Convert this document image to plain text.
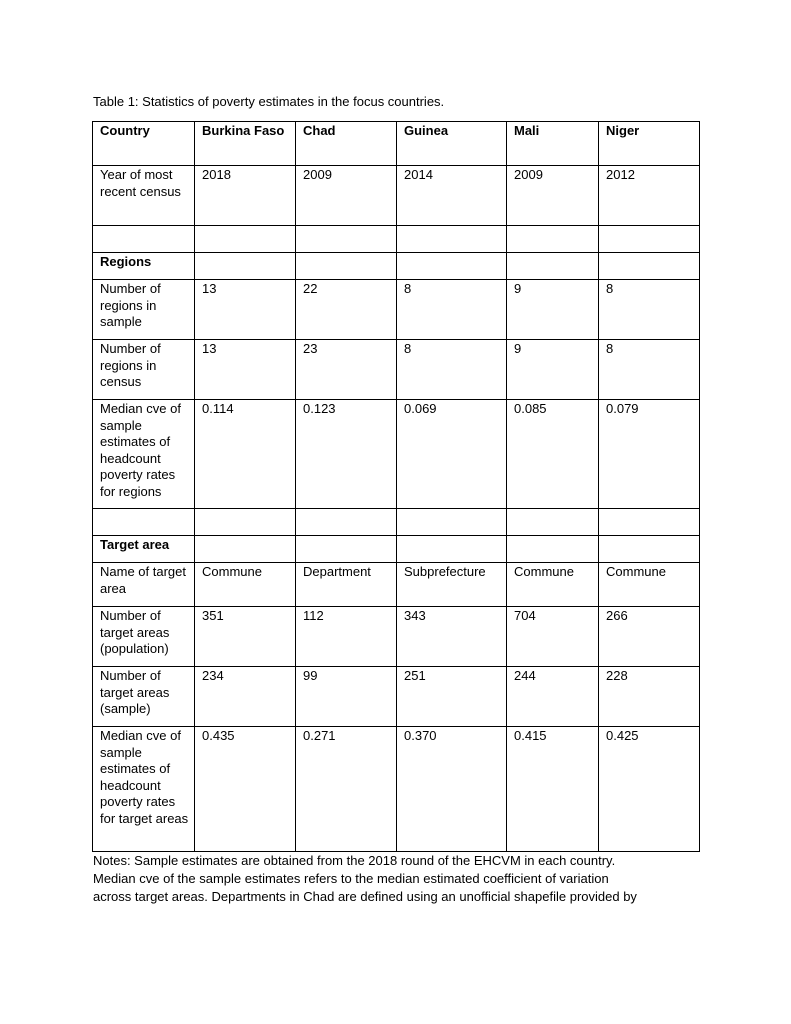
Table 1: Statistics of poverty estimates in the focus countries.
Country	Burkina Faso	Chad	Guinea	Mali	Niger
Year of most recent census	2018	2009	2014	2009	2012

Regions					
Number of regions in sample	13	22	8	9	8
Number of regions in census	13	23	8	9	8
Median cve of sample estimates of headcount poverty rates for regions	0.114	0.123	0.069	0.085	0.079

Target area					
Name of target area	Commune	Department	Subprefecture	Commune	Commune
Number of target areas (population)	351	112	343	704	266
Number of target areas (sample)	234	99	251	244	228
Median cve of sample estimates of headcount poverty rates for target areas	0.435	0.271	0.370	0.415	0.425
Notes: Sample estimates are obtained from the 2018 round of the EHCVM in each country.
Median cve of the sample estimates refers to the median estimated coefficient of variation
across target areas. Departments in Chad are defined using an unofficial shapefile provided by
